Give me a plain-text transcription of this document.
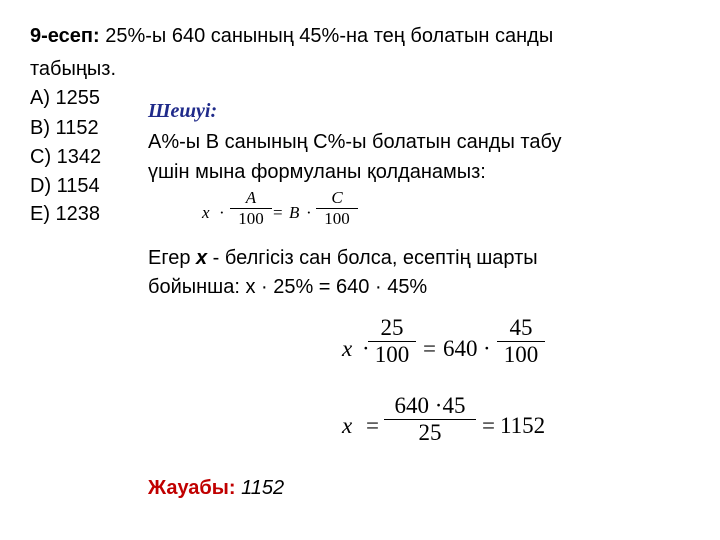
9-есеп: 25%-ы 640 санының 45%-на тең болатын санды
табыңыз.
A) 1255
B) 1152
C) 1342
D) 1154
E) 1238
Шешуі:
A%-ы B санының С%-ы болатын санды табу
үшін мына формуланы қолданамыз:
x ·
A
100 = B ·
C
100
Егер x - белгісіз сан болса, есептің шарты
бойынша: x · 25% = 640 · 45%
x ·
25
100 = 640 ·
45
100
x =
640 ·45
25	= 1152
Жауабы: 1152
